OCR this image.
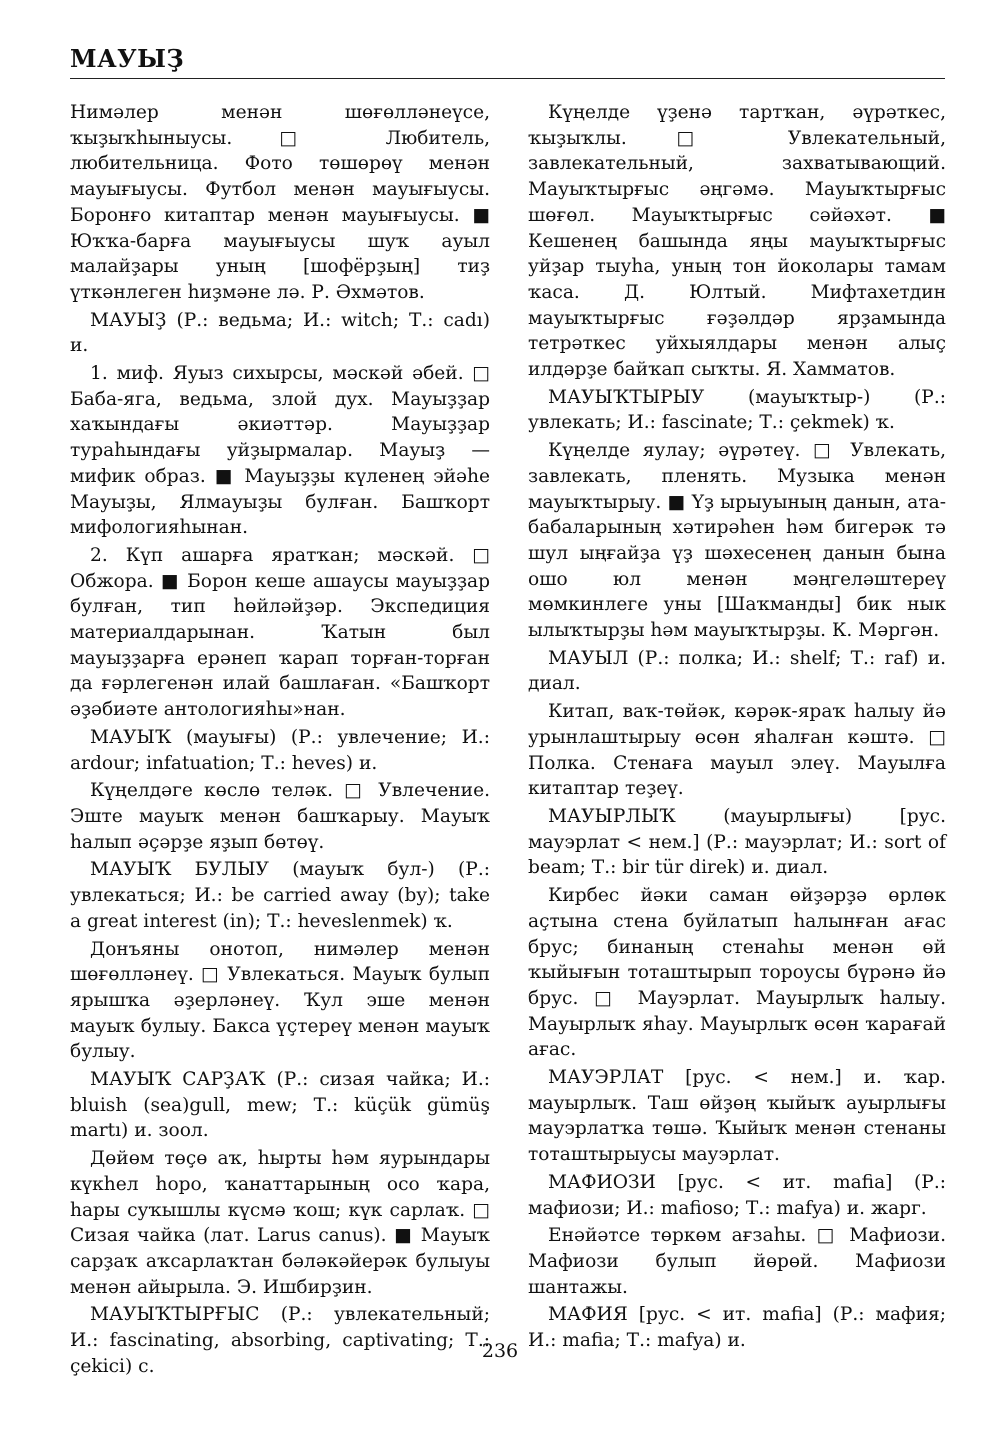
МАУЫҘ

Нимәлер менән шөғөлләнеүсе, ҡыҙыҡһыныусы. □ Любитель, любительница. Фото төшөрөү менән мауығыусы. Футбол менән мауығыусы. Боронғо китаптар менән мауығыусы. ■ Юҡҡа-барға мауығыусы шуҡ ауыл малайҙары уның [шофёрҙың] тиҙ үткәнлеген һиҙмәне лә. Р. Әхмәтов.

МАУЫҘ (Р.: ведьма; И.: witch; Т.: cadı) и.

1. миф. Яуыз сихырсы, мәскәй әбей. □ Баба-яга, ведьма, злой дух. Мауыҙҙар хаҡындағы әкиәттәр. Мауыҙҙар тураһындағы уйҙырмалар. Мауыҙ — мифик образ. ■ Мауыҙҙы күленең эйәһе Мауыҙы, Ялмауыҙы булған. Башҡорт мифологияһынан.

2. Күп ашарға яратҡан; мәскәй. □ Обжора. ■ Борон кеше ашаусы мауыҙҙар булған, тип һөйләйҙәр. Экспедиция материалдарынан. Ҡатын был мауыҙҙарға ерәнеп ҡарап торған-торған да ғәрлегенән илай башлаған. «Башҡорт әҙәбиәте антологияһы»нан.

МАУЫҠ (мауығы) (Р.: увлечение; И.: ardour; infatuation; Т.: heves) и.

Күңелдәге көслө теләк. □ Увлечение. Эште мауыҡ менән башҡарыу. Мауыҡ һалып әҫәрҙе яҙып бөтөү.

МАУЫҠ БУЛЫУ (мауыҡ бул-) (Р.: увлекаться; И.: be carried away (by); take a great interest (in); Т.: heveslenmek) ҡ.

Донъяны онотоп, нимәлер менән шөғөлләнеү. □ Увлекаться. Мауыҡ булып ярышҡа әҙерләнеү. Ҡул эше менән мауыҡ булыу. Бакса үҫтереү менән мауыҡ булыу.

МАУЫҠ САРҘАҠ (Р.: сизая чайка; И.: bluish (sea)gull, mew; Т.: küçük gümüş martı) и. зоол.

Дөйөм төҫө аҡ, һырты һәм яурындары күкһел һоро, ҡанаттарының осо ҡара, һары суҡышлы күсмә ҡош; күк сарлаҡ. □ Сизая чайка (лат. Larus canus). ■ Мауыҡ сарҙаҡ аҡсарлаҡтан бәләкәйерәк булыуы менән айырыла. Э. Ишбирҙин.

МАУЫҠТЫРҒЫС (Р.: увлекательный; И.: fascinating, absorbing, captivating; Т.: çekici) с.

Күңелде үҙенә тартҡан, әүрәткес, ҡыҙыҡлы. □ Увлекательный, завлекательный, захватывающий. Мауыҡтырғыс әңгәмә. Мауыҡтырғыс шөғөл. Мауыҡтырғыс сәйәхәт. ■ Кешенең башында яңы мауыҡтырғыс уйҙар тыуһа, уның тон йоколары тамам ҡаса. Д. Юлтый. Мифтахетдин мауыҡтырғыс ғәҙәлдәр ярҙамында тетрәткес уйхыялдары менән алыҫ илдәрҙе байҡап сыҡты. Я. Хамматов.

МАУЫҠТЫРЫУ (мауыҡтыр-) (Р.: увлекать; И.: fascinate; Т.: çekmek) ҡ.

Күңелде яулау; әүрәтеү. □ Увлекать, завлекать, пленять. Музыка менән мауыҡтырыу. ■ Үҙ ырыуының данын, ата-бабаларының хәтирәһен һәм бигерәк тә шул ыңғайҙа үҙ шәхесенең данын бына ошо юл менән мәңгеләштереү мөмкинлеге уны [Шаҡманды] бик нык ылыҡтырҙы һәм мауыҡтырҙы. К. Мәргән.

МАУЫЛ (Р.: полка; И.: shelf; Т.: raf) и. диал.

Китап, ваҡ-төйәк, кәрәк-яраҡ һалыу йә урынлаштырыу өсөн яһалған кәштә. □ Полка. Стенаға мауыл элеү. Мауылға китаптар теҙеү.

МАУЫРЛЫҠ (мауырлығы) [рус. мауэрлат < нем.] (Р.: мауэрлат; И.: sort of beam; Т.: bir tür direk) и. диал.

Кирбес йәки саман өйҙәрҙә өрлөк аҫтына стена буйлатып һалынған ағас брус; бинаның стенаһы менән өй ҡыйығын тоташтырып тороусы бүрәнә йә брус. □ Мауэрлат. Мауырлыҡ һалыу. Мауырлыҡ яһау. Мауырлыҡ өсөн ҡарағай ағас.

МАУЭРЛАТ [рус. < нем.] и. ҡар. мауырлыҡ. Таш өйҙөң ҡыйыҡ ауырлығы мауэрлатҡа төшә. Ҡыйыҡ менән стенаны тоташтырыусы мауэрлат.

МАФИОЗИ [рус. < ит. mafia] (Р.: мафиози; И.: mafioso; Т.: mafya) и. жарг.

Енәйәтсе төркөм ағзаһы. □ Мафиози. Мафиози булып йөрөй. Мафиози шантажы.

МАФИЯ [рус. < ит. mafia] (Р.: мафия; И.: mafia; Т.: mafya) и.

236
